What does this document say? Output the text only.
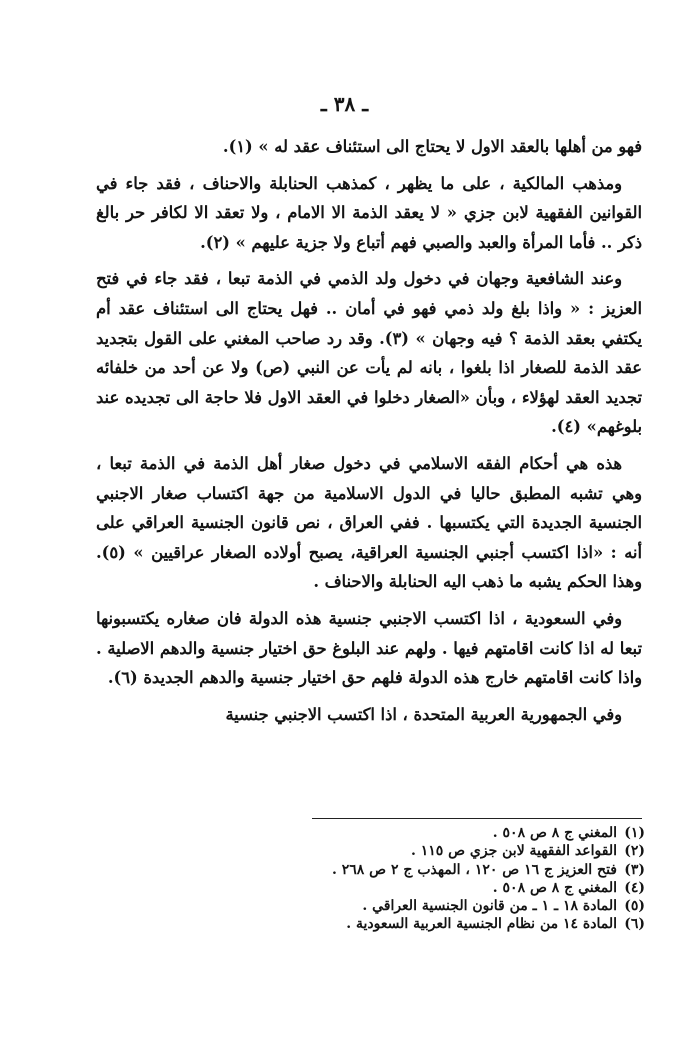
ـ ٣٨ ـ

فهو من أهلها بالعقد الاول لا يحتاج الى استئناف عقد له » (١).

ومذهب المالكية ، على ما يظهر ، كمذهب الحنابلة والاحناف ، فقد جاء في القوانين الفقهية لابن جزي « لا يعقد الذمة الا الامام ، ولا تعقد الا لكافر حر بالغ ذكر .. فأما المرأة والعبد والصبي فهم أتباع ولا جزية عليهم » (٢).

وعند الشافعية وجهان في دخول ولد الذمي في الذمة تبعا ، فقد جاء في فتح العزيز : « واذا بلغ ولد ذمي فهو في أمان .. فهل يحتاج الى استئناف عقد أم يكتفي بعقد الذمة ؟ فيه وجهان » (٣). وقد رد صاحب المغني على القول بتجديد عقد الذمة للصغار اذا بلغوا ، بانه لم يأت عن النبي (ص) ولا عن أحد من خلفائه تجديد العقد لهؤلاء ، وبأن «الصغار دخلوا في العقد الاول فلا حاجة الى تجديده عند بلوغهم» (٤).

هذه هي أحكام الفقه الاسلامي في دخول صغار أهل الذمة في الذمة تبعا ، وهي تشبه المطبق حاليا في الدول الاسلامية من جهة اكتساب صغار الاجنبي الجنسية الجديدة التي يكتسبها . ففي العراق ، نص قانون الجنسية العراقي على أنه : «اذا اكتسب أجنبي الجنسية العراقية، يصبح أولاده الصغار عراقيين » (٥). وهذا الحكم يشبه ما ذهب اليه الحنابلة والاحناف .

وفي السعودية ، اذا اكتسب الاجنبي جنسية هذه الدولة فان صغاره يكتسبونها تبعا له اذا كانت اقامتهم فيها . ولهم عند البلوغ حق اختيار جنسية والدهم الاصلية . واذا كانت اقامتهم خارج هذه الدولة فلهم حق اختيار جنسية والدهم الجديدة (٦).

وفي الجمهورية العربية المتحدة ، اذا اكتسب الاجنبي جنسية

(١)
المغني ج ٨ ص ٥٠٨ .
(٢)
القواعد الفقهية لابن جزي ص ١١٥ .
(٣)
فتح العزيز ج ١٦ ص ١٢٠ ، المهذب ج ٢ ص ٢٦٨ .
(٤)
المغني ج ٨ ص ٥٠٨ .
(٥)
المادة ١٨ ـ ١ ـ من قانون الجنسية العراقي .
(٦)
المادة ١٤ من نظام الجنسية العربية السعودية .
